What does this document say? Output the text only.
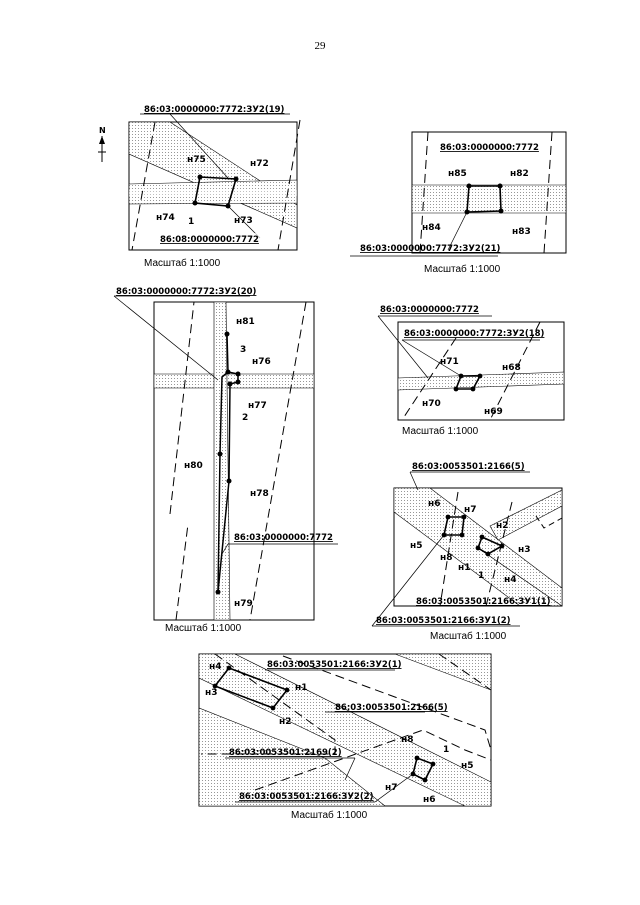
29
N
86:03:0000000:7772:ЗУ2(19)
н75	н72
н74 1	н73
86:08:0000000:7772
Масштаб 1:1000
86:03:0000000:7772
н85	н82
н84	н83
86:03:0000000:7772:ЗУ2(21)
Масштаб 1:1000
86:03:0000000:7772:ЗУ2(20)
н81
3
н76
н77
2
н80
н78
86:03:0000000:7772
н79
Масштаб 1:1000
86:03:0000000:7772
86:03:0000000:7772:ЗУ2(18)
н71
н68
н70
н69
Масштаб 1:1000
86:03:0053501:2166(5)
н6
н7
н2
н5
н8
н3
н1
1 н4
86:03:0053501:2166:ЗУ1(1)
86:03:0053501:2166:ЗУ1(2)
Масштаб 1:1000
86:03:0053501:2166:ЗУ2(1)
н4
н3	н1
н2
86:03:0053501:2166(5)
86:03:0053501:2169(2)
н8
1
н5
н7
н6
86:03:0053501:2166:ЗУ2(2)
Масштаб 1:1000
